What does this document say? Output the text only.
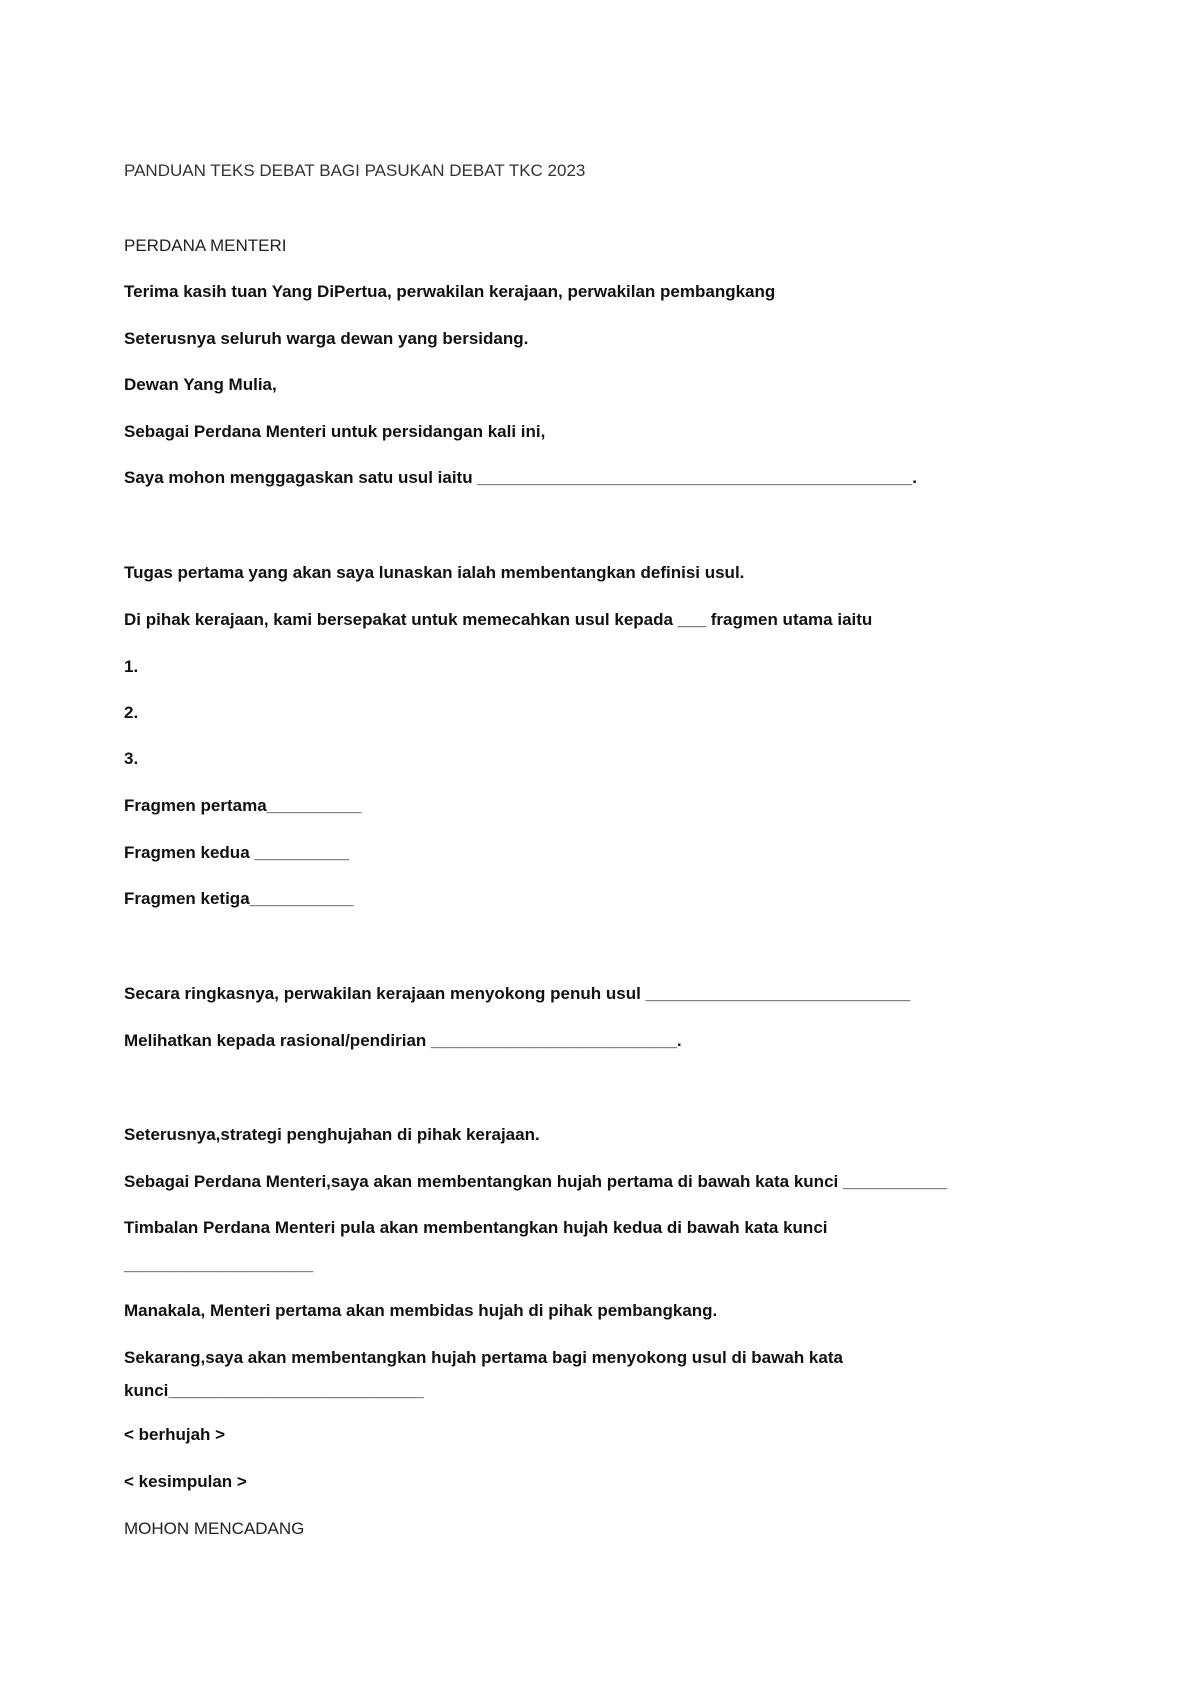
PANDUAN TEKS DEBAT BAGI PASUKAN DEBAT TKC 2023
PERDANA MENTERI
Terima kasih tuan Yang DiPertua, perwakilan kerajaan, perwakilan pembangkang
Seterusnya seluruh warga dewan yang bersidang.
Dewan Yang Mulia,
Sebagai Perdana Menteri untuk persidangan kali ini,
Saya mohon menggagaskan satu usul iaitu ______________________________________________.
Tugas pertama yang akan saya lunaskan ialah membentangkan definisi usul.
Di pihak kerajaan, kami bersepakat untuk memecahkan usul kepada ___ fragmen utama iaitu
1.
2.
3.
Fragmen pertama__________
Fragmen kedua __________
Fragmen ketiga___________
Secara ringkasnya, perwakilan kerajaan menyokong penuh usul ____________________________
Melihatkan kepada rasional/pendirian __________________________.
Seterusnya,strategi penghujahan di pihak kerajaan.
Sebagai Perdana Menteri,saya akan membentangkan hujah pertama di bawah kata kunci ___________
Timbalan Perdana Menteri pula akan membentangkan hujah kedua di bawah kata kunci
____________________
Manakala, Menteri pertama akan membidas hujah di pihak pembangkang.
Sekarang,saya akan membentangkan hujah pertama bagi menyokong usul di bawah kata
kunci___________________________
< berhujah >
< kesimpulan >
MOHON MENCADANG
